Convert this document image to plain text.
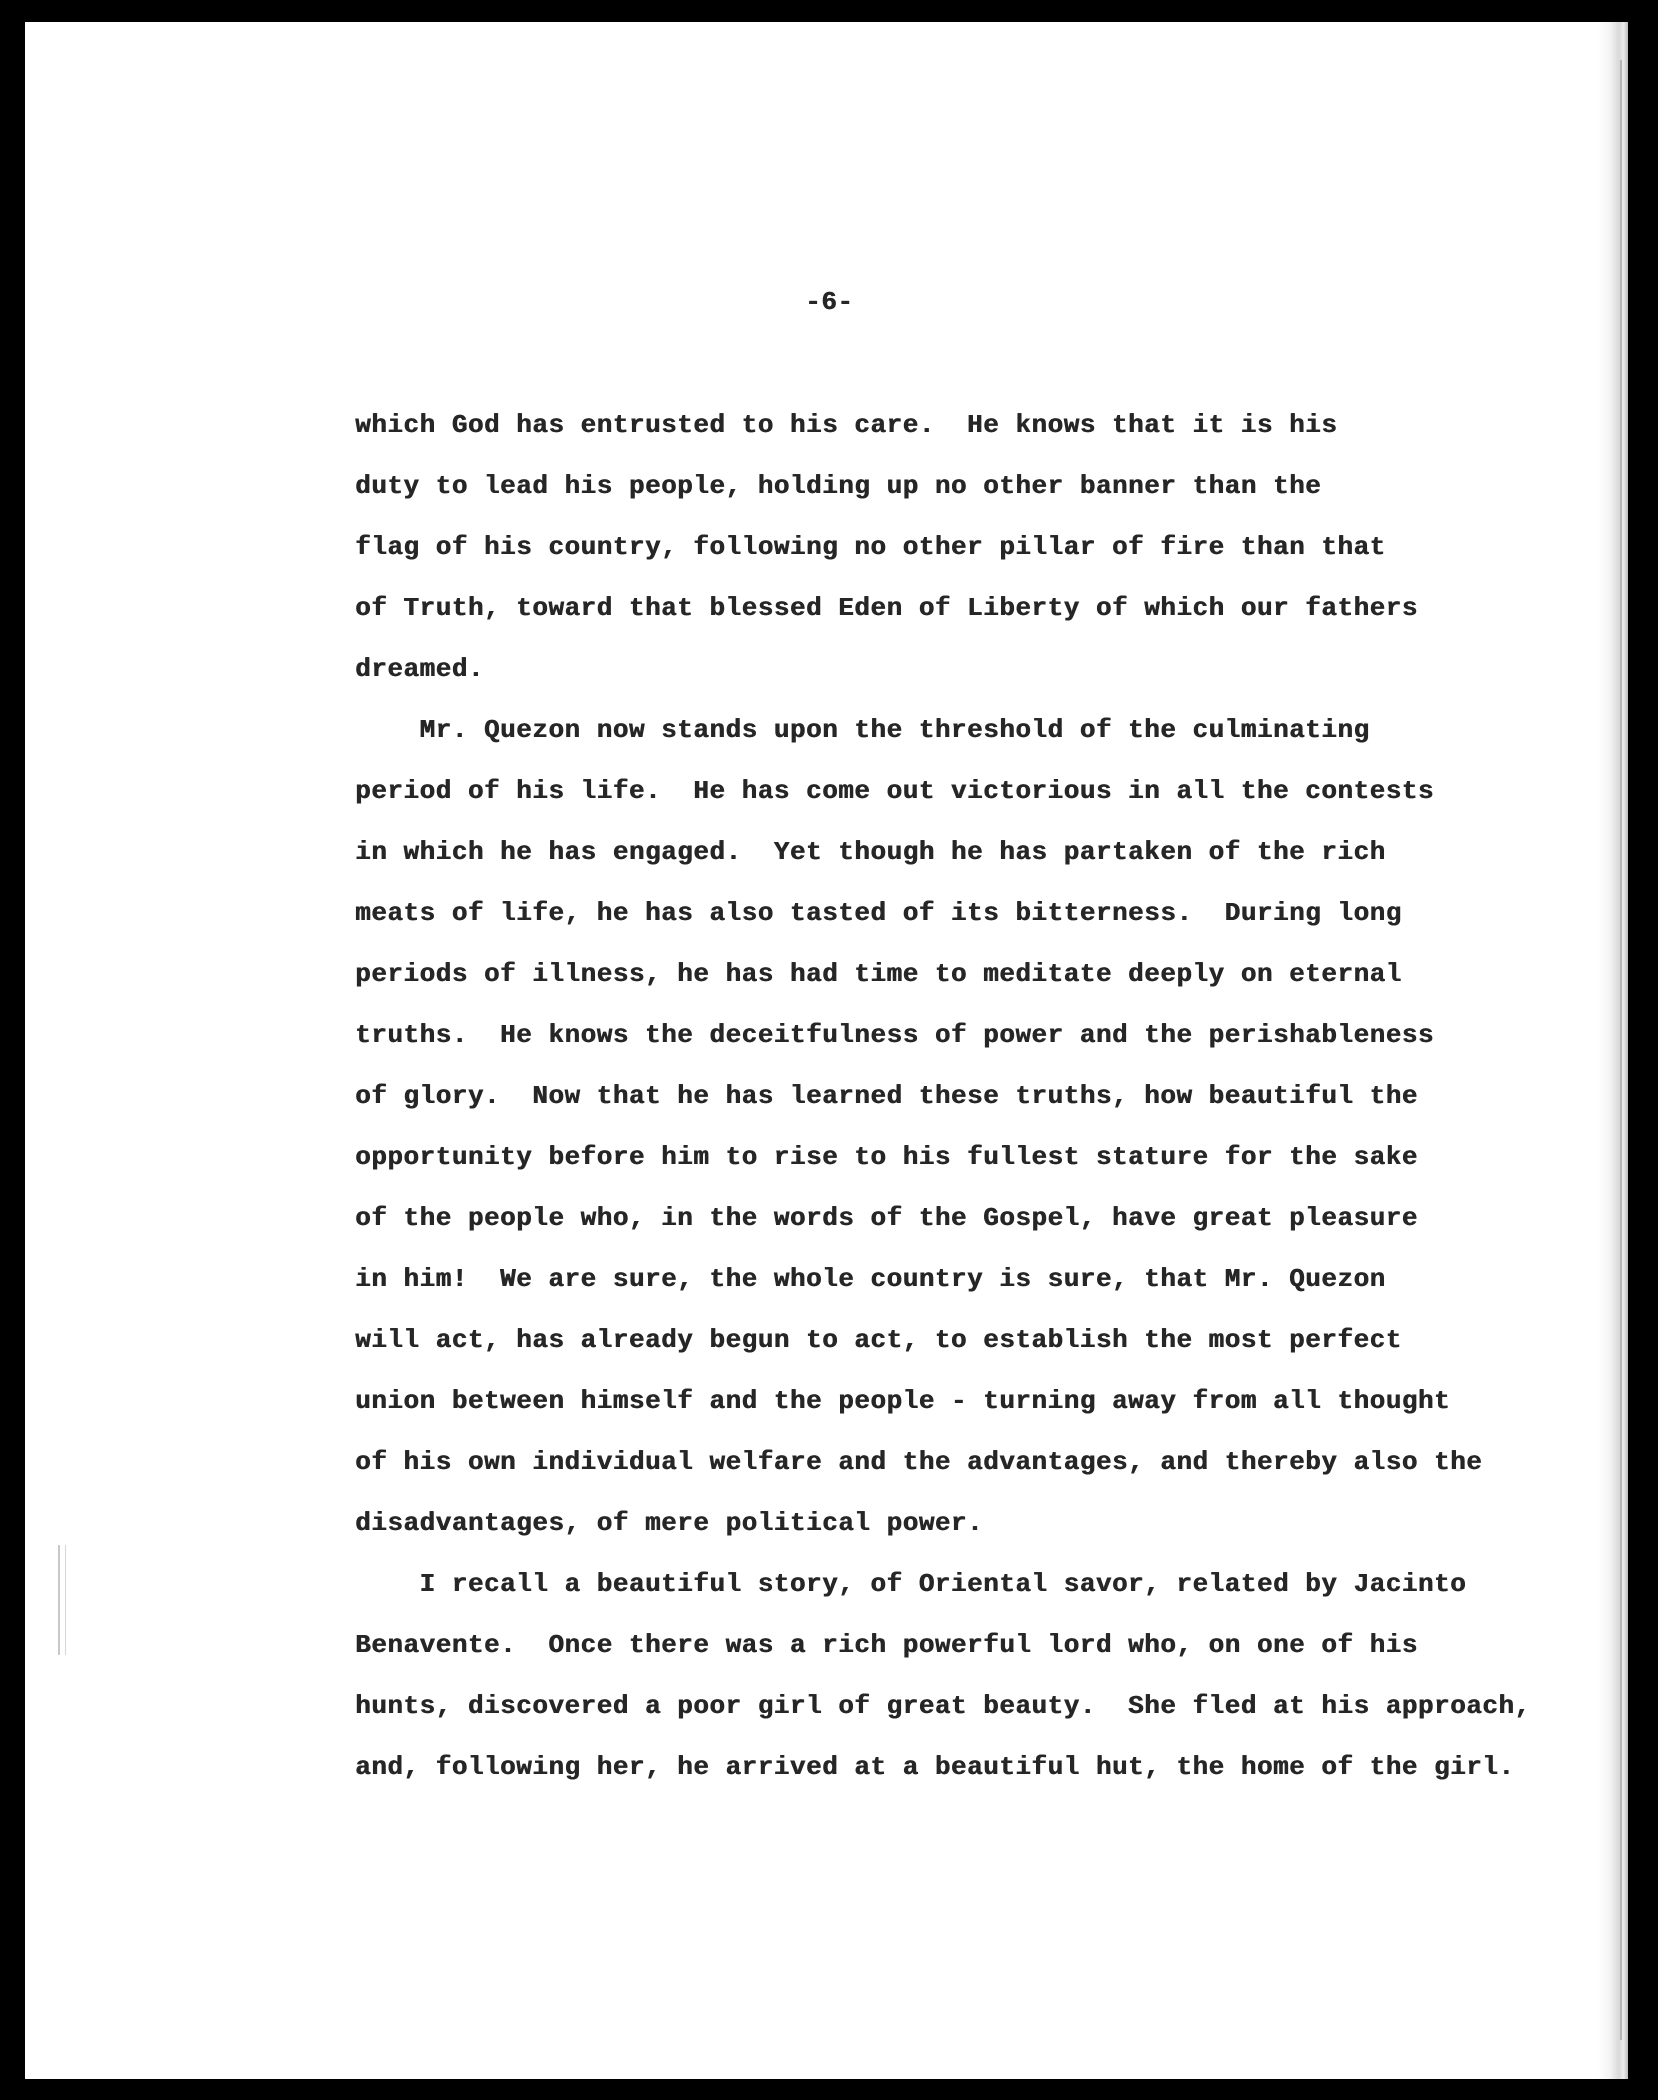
-6-

which God has entrusted to his care.  He knows that it is his

duty to lead his people, holding up no other banner than the

flag of his country, following no other pillar of fire than that

of Truth, toward that blessed Eden of Liberty of which our fathers

dreamed.

Mr. Quezon now stands upon the threshold of the culminating

period of his life.  He has come out victorious in all the contests

in which he has engaged.  Yet though he has partaken of the rich

meats of life, he has also tasted of its bitterness.  During long

periods of illness, he has had time to meditate deeply on eternal

truths.  He knows the deceitfulness of power and the perishableness

of glory.  Now that he has learned these truths, how beautiful the

opportunity before him to rise to his fullest stature for the sake

of the people who, in the words of the Gospel, have great pleasure

in him!  We are sure, the whole country is sure, that Mr. Quezon

will act, has already begun to act, to establish the most perfect

union between himself and the people - turning away from all thought

of his own individual welfare and the advantages, and thereby also the

disadvantages, of mere political power.

I recall a beautiful story, of Oriental savor, related by Jacinto

Benavente.  Once there was a rich powerful lord who, on one of his

hunts, discovered a poor girl of great beauty.  She fled at his approach,

and, following her, he arrived at a beautiful hut, the home of the girl.
